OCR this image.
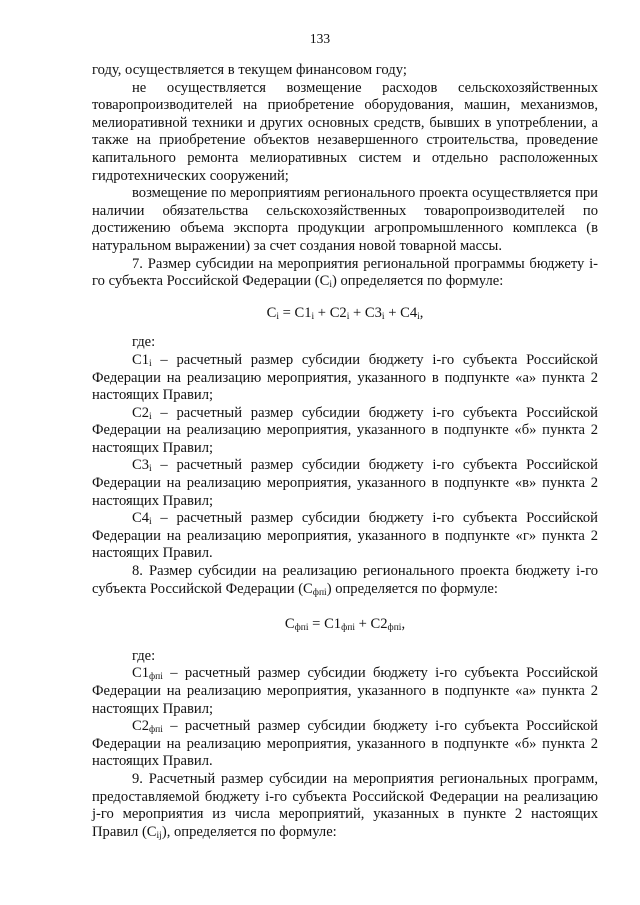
133

году, осуществляется в текущем финансовом году;

не осуществляется возмещение расходов сельскохозяйственных товаропроизводителей на приобретение оборудования, машин, механизмов, мелиоративной техники и других основных средств, бывших в употреблении, а также на приобретение объектов незавершенного строительства, проведение капитального ремонта мелиоративных систем и отдельно расположенных гидротехнических сооружений;

возмещение по мероприятиям регионального проекта осуществляется при наличии обязательства сельскохозяйственных товаропроизводителей по достижению объема экспорта продукции агропромышленного комплекса (в натуральном выражении) за счет создания новой товарной массы.

7. Размер субсидии на мероприятия региональной программы бюджету i-го субъекта Российской Федерации $(С_i)$ определяется по формуле:

$С_i = С1_i + С2_i + С3_i + С4_i$,

где:

$С1_i$ – расчетный размер субсидии бюджету i-го субъекта Российской Федерации на реализацию мероприятия, указанного в подпункте «а» пункта 2 настоящих Правил;

$С2_i$ – расчетный размер субсидии бюджету i-го субъекта Российской Федерации на реализацию мероприятия, указанного в подпункте «б» пункта 2 настоящих Правил;

$С3_i$ – расчетный размер субсидии бюджету i-го субъекта Российской Федерации на реализацию мероприятия, указанного в подпункте «в» пункта 2 настоящих Правил;

$С4_i$ – расчетный размер субсидии бюджету i-го субъекта Российской Федерации на реализацию мероприятия, указанного в подпункте «г» пункта 2 настоящих Правил.

8. Размер субсидии на реализацию регионального проекта бюджету i-го субъекта Российской Федерации $(С_{фпi})$ определяется по формуле:

$С_{фпi} = С1_{фпi} + С2_{фпi}$,

где:

$С1_{фпi}$ – расчетный размер субсидии бюджету i-го субъекта Российской Федерации на реализацию мероприятия, указанного в подпункте «а» пункта 2 настоящих Правил;

$С2_{фпi}$ – расчетный размер субсидии бюджету i-го субъекта Российской Федерации на реализацию мероприятия, указанного в подпункте «б» пункта 2 настоящих Правил.

9. Расчетный размер субсидии на мероприятия региональных программ, предоставляемой бюджету i-го субъекта Российской Федерации на реализацию j-го мероприятия из числа мероприятий, указанных в пункте 2 настоящих Правил $(С_{ij})$, определяется по формуле:
